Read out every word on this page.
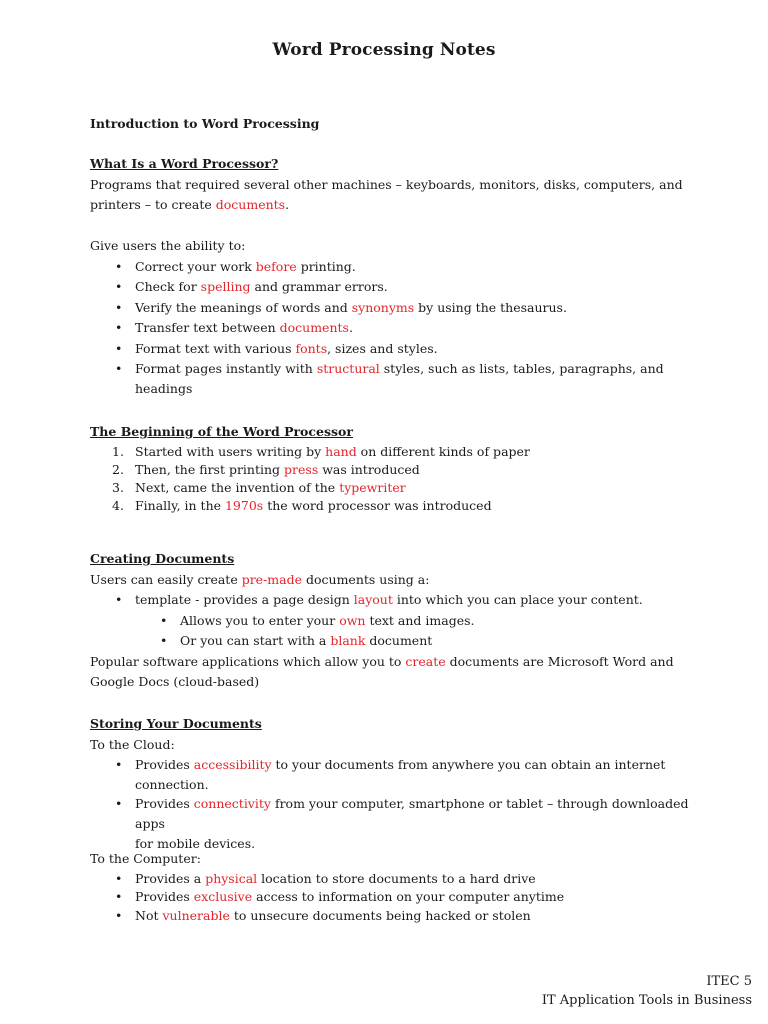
Word Processing Notes
Introduction to Word Processing
What Is a Word Processor?
Programs that required several other machines – keyboards, monitors, disks, computers, and
printers – to create documents.
Give users the ability to:
• Correct your work before printing.
• Check for spelling and grammar errors.
• Verify the meanings of words and synonyms by using the thesaurus.
• Transfer text between documents.
• Format text with various fonts, sizes and styles.
• Format pages instantly with structural styles, such as lists, tables, paragraphs, and
headings
The Beginning of the Word Processor
1. Started with users writing by hand on different kinds of paper
2. Then, the first printing press was introduced
3. Next, came the invention of the typewriter
4. Finally, in the 1970s the word processor was introduced
Creating Documents
Users can easily create pre-made documents using a:
• template - provides a page design layout into which you can place your content.
• Allows you to enter your own text and images.
• Or you can start with a blank document
Popular software applications which allow you to create documents are Microsoft Word and
Google Docs (cloud-based)
Storing Your Documents
To the Cloud:
• Provides accessibility to your documents from anywhere you can obtain an internet
connection.
• Provides connectivity from your computer, smartphone or tablet – through downloaded apps
for mobile devices.
To the Computer:
• Provides a physical location to store documents to a hard drive
• Provides exclusive access to information on your computer anytime
• Not vulnerable to unsecure documents being hacked or stolen
ITEC 5
IT Application Tools in Business
